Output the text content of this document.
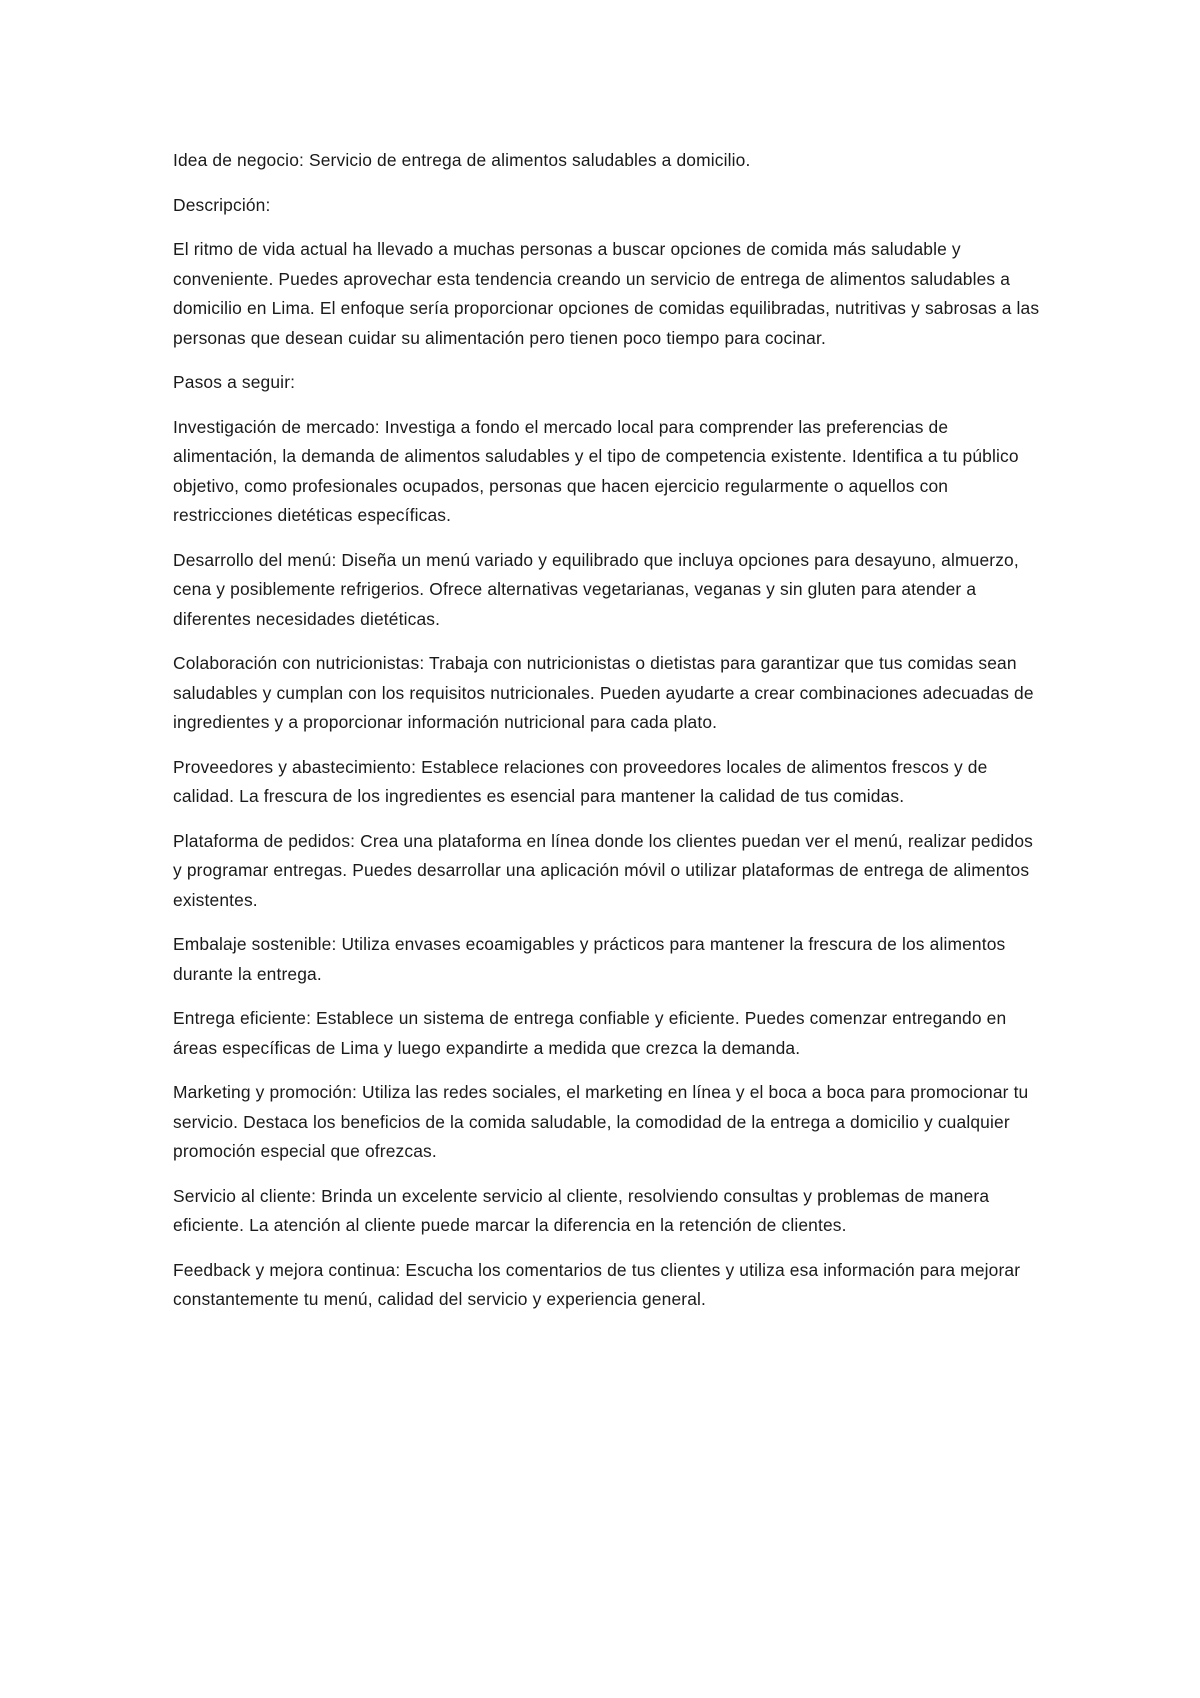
Idea de negocio: Servicio de entrega de alimentos saludables a domicilio.

Descripción:

El ritmo de vida actual ha llevado a muchas personas a buscar opciones de comida más saludable y conveniente. Puedes aprovechar esta tendencia creando un servicio de entrega de alimentos saludables a domicilio en Lima. El enfoque sería proporcionar opciones de comidas equilibradas, nutritivas y sabrosas a las personas que desean cuidar su alimentación pero tienen poco tiempo para cocinar.

Pasos a seguir:

Investigación de mercado: Investiga a fondo el mercado local para comprender las preferencias de alimentación, la demanda de alimentos saludables y el tipo de competencia existente. Identifica a tu público objetivo, como profesionales ocupados, personas que hacen ejercicio regularmente o aquellos con restricciones dietéticas específicas.

Desarrollo del menú: Diseña un menú variado y equilibrado que incluya opciones para desayuno, almuerzo, cena y posiblemente refrigerios. Ofrece alternativas vegetarianas, veganas y sin gluten para atender a diferentes necesidades dietéticas.

Colaboración con nutricionistas: Trabaja con nutricionistas o dietistas para garantizar que tus comidas sean saludables y cumplan con los requisitos nutricionales. Pueden ayudarte a crear combinaciones adecuadas de ingredientes y a proporcionar información nutricional para cada plato.

Proveedores y abastecimiento: Establece relaciones con proveedores locales de alimentos frescos y de calidad. La frescura de los ingredientes es esencial para mantener la calidad de tus comidas.

Plataforma de pedidos: Crea una plataforma en línea donde los clientes puedan ver el menú, realizar pedidos y programar entregas. Puedes desarrollar una aplicación móvil o utilizar plataformas de entrega de alimentos existentes.

Embalaje sostenible: Utiliza envases ecoamigables y prácticos para mantener la frescura de los alimentos durante la entrega.

Entrega eficiente: Establece un sistema de entrega confiable y eficiente. Puedes comenzar entregando en áreas específicas de Lima y luego expandirte a medida que crezca la demanda.

Marketing y promoción: Utiliza las redes sociales, el marketing en línea y el boca a boca para promocionar tu servicio. Destaca los beneficios de la comida saludable, la comodidad de la entrega a domicilio y cualquier promoción especial que ofrezcas.

Servicio al cliente: Brinda un excelente servicio al cliente, resolviendo consultas y problemas de manera eficiente. La atención al cliente puede marcar la diferencia en la retención de clientes.

Feedback y mejora continua: Escucha los comentarios de tus clientes y utiliza esa información para mejorar constantemente tu menú, calidad del servicio y experiencia general.
